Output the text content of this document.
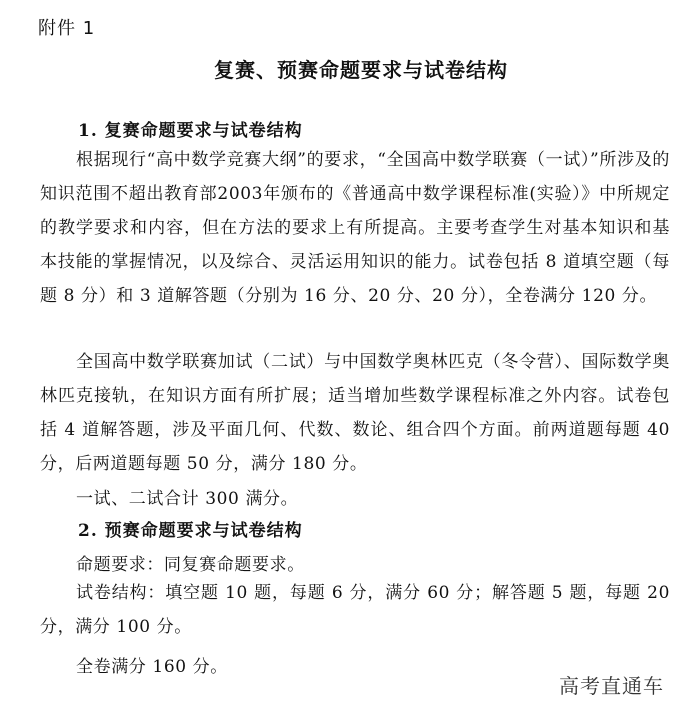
附件 1
复赛、预赛命题要求与试卷结构
1. 复赛命题要求与试卷结构

根据现行“高中数学竞赛大纲”的要求，“全国高中数学联赛（一试）”所涉及的知识范围不超出教育部2003年颁布的《普通高中数学课程标准(实验）》中所规定的教学要求和内容，但在方法的要求上有所提高。主要考查学生对基本知识和基本技能的掌握情况，以及综合、灵活运用知识的能力。试卷包括 8 道填空题（每题 8 分）和 3 道解答题（分别为 16 分、20 分、20 分），全卷满分 120 分。

全国高中数学联赛加试（二试）与中国数学奥林匹克（冬令营）、国际数学奥林匹克接轨，在知识方面有所扩展；适当增加些数学课程标准之外内容。试卷包括 4 道解答题，涉及平面几何、代数、数论、组合四个方面。前两道题每题 40 分，后两道题每题 50 分，满分 180 分。

一试、二试合计 300 满分。
2. 预赛命题要求与试卷结构
命题要求：同复赛命题要求。

试卷结构：填空题 10 题，每题 6 分，满分 60 分；解答题 5 题，每题 20 分，满分 100 分。

全卷满分 160 分。
高考直通车
